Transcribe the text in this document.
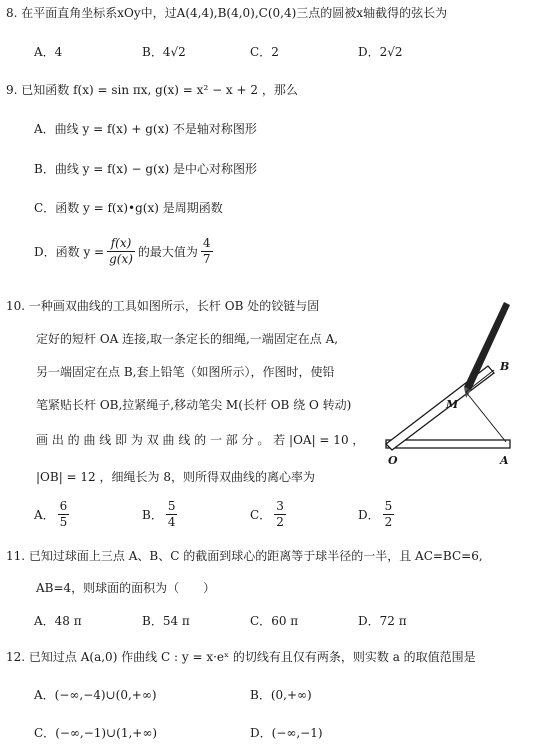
8. 在平面直角坐标系xOy中，过A(4,4),B(4,0),C(0,4)三点的圆被x轴截得的弦长为
A．4	B．4√2	C．2	D．2√2
9. 已知函数 f(x) = sin πx, g(x) = x² − x + 2 ，那么
A．曲线 y = f(x) + g(x) 不是轴对称图形
B．曲线 y = f(x) − g(x) 是中心对称图形
C．函数 y = f(x)•g(x) 是周期函数
D． 函数 $y = \frac{f(x)}{g(x)}$ 的最大值为 $\frac{4}{7}$
10. 一种画双曲线的工具如图所示，长杆 OB 处的铰链与固
定好的短杆 OA 连接,取一条定长的细绳,一端固定在点 A,
另一端固定在点 B,套上铅笔（如图所示），作图时，使铅
笔紧贴长杆 OB,拉紧绳子,移动笔尖 M(长杆 OB 绕 O 转动)
画 出 的 曲 线 即 为 双 曲 线 的 一 部 分 。 若 |OA| = 10 ，
|OB| = 12 ，细绳长为 8，则所得双曲线的离心率为
A． $\frac{6}{5}$	B． $\frac{5}{4}$	C． $\frac{3}{2}$	D． $\frac{5}{2}$
B
M
O	A
11. 已知过球面上三点 A、B、C 的截面到球心的距离等于球半径的一半，且 AC=BC=6,
AB=4，则球面的面积为（　　）
A．48 π	B．54 π	C．60 π	D．72 π
12. 已知过点 A(a,0) 作曲线 C : y = x·eˣ 的切线有且仅有两条，则实数 a 的取值范围是
A．(−∞,−4)∪(0,+∞)	B．(0,+∞)
C．(−∞,−1)∪(1,+∞)	D．(−∞,−1)
